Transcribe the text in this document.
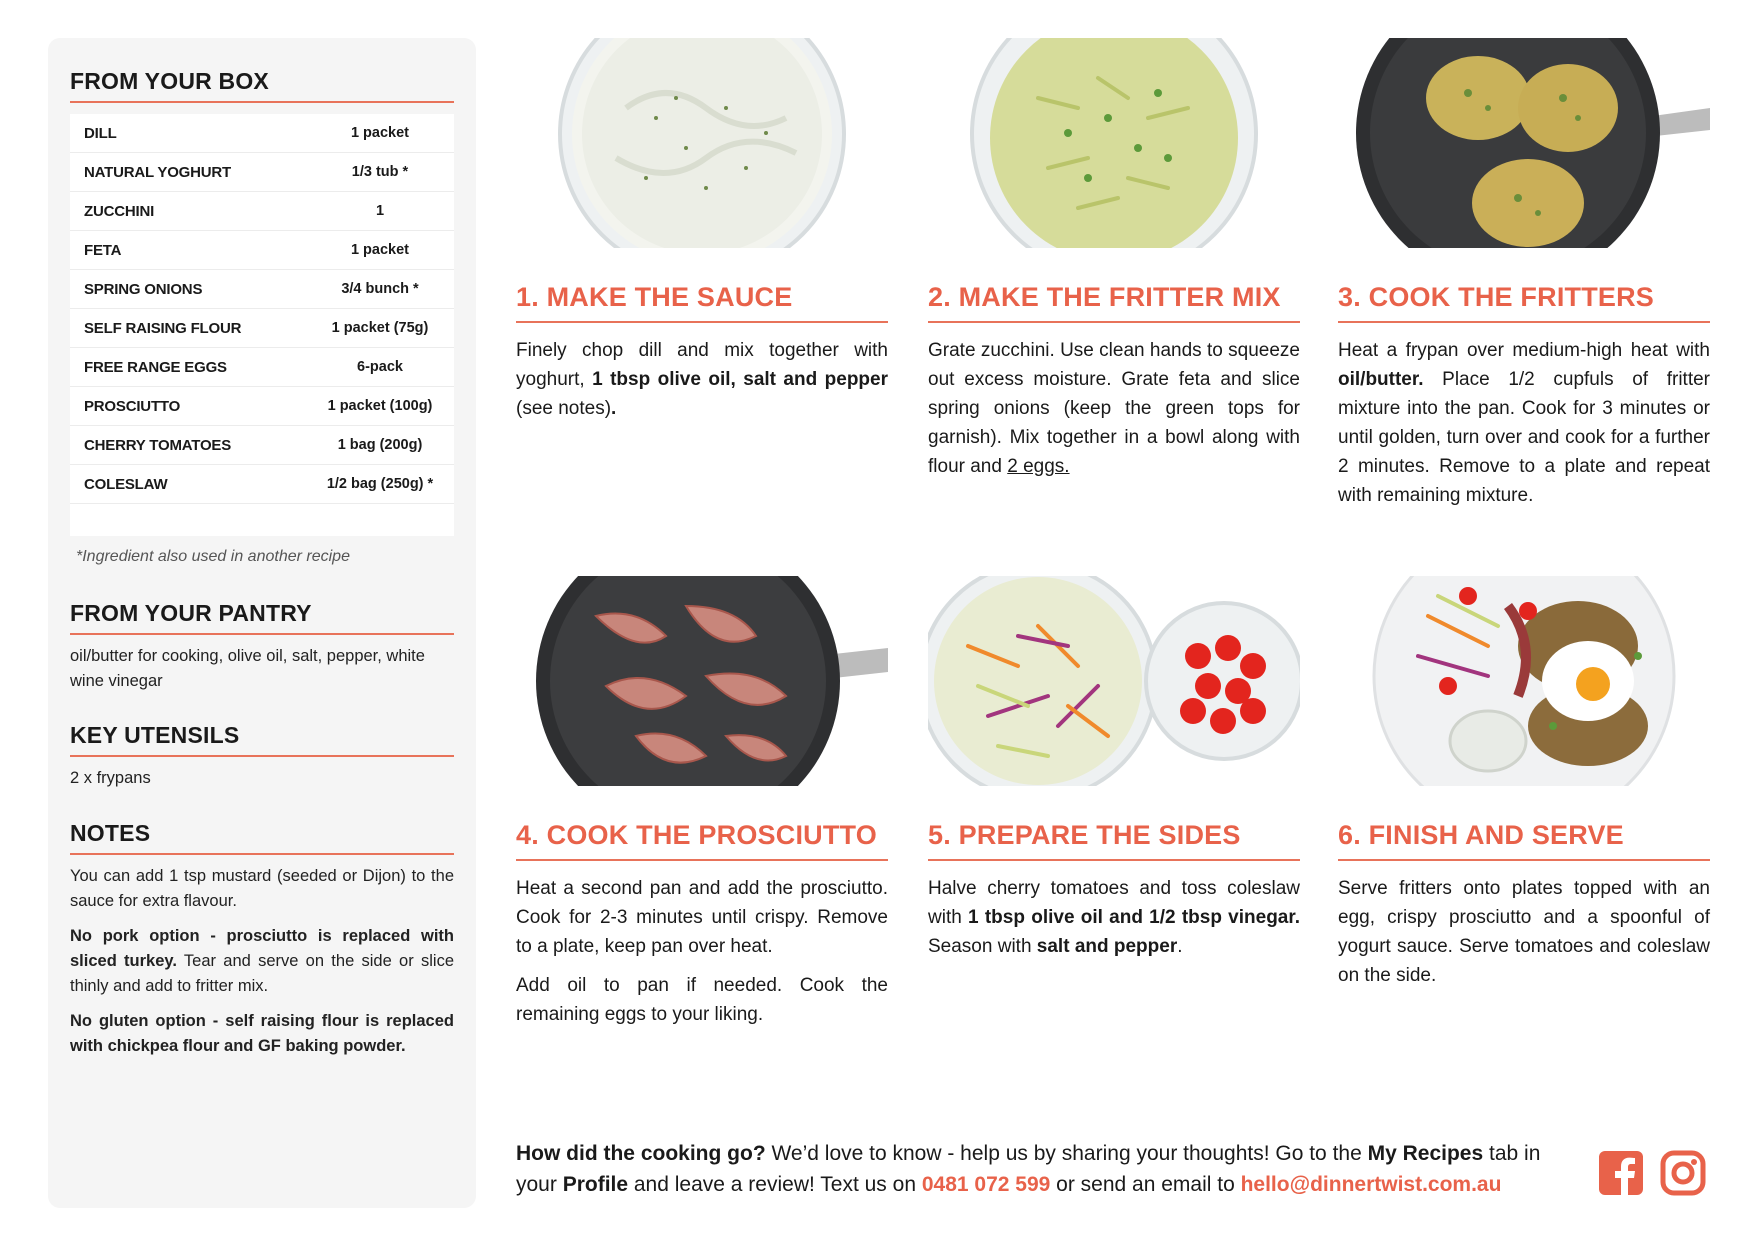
FROM YOUR BOX
DILL	1 packet
NATURAL YOGHURT	1/3 tub *
ZUCCHINI	1
FETA	1 packet
SPRING ONIONS	3/4 bunch *
SELF RAISING FLOUR	1 packet (75g)
FREE RANGE EGGS	6-pack
PROSCIUTTO	1 packet (100g)
CHERRY TOMATOES	1 bag (200g)
COLESLAW	1/2 bag (250g) *
*Ingredient also used in another recipe
FROM YOUR PANTRY

oil/butter for cooking, olive oil, salt, pepper, white wine vinegar

KEY UTENSILS

2 x frypans

NOTES

You can add 1 tsp mustard (seeded or Dijon) to the sauce for extra flavour.

No pork option - prosciutto is replaced with sliced turkey. Tear and serve on the side or slice thinly and add to fritter mix.

No gluten option - self raising flour is replaced with chickpea flour and GF baking powder.

1. MAKE THE SAUCE

Finely chop dill and mix together with yoghurt, 1 tbsp olive oil, salt and pepper (see notes).

2. MAKE THE FRITTER MIX

Grate zucchini. Use clean hands to squeeze out excess moisture. Grate feta and slice spring onions (keep the green tops for garnish). Mix together in a bowl along with flour and 2 eggs.

3. COOK THE FRITTERS

Heat a frypan over medium-high heat with oil/butter. Place 1/2 cupfuls of fritter mixture into the pan. Cook for 3 minutes or until golden, turn over and cook for a further 2 minutes. Remove to a plate and repeat with remaining mixture.

4. COOK THE PROSCIUTTO

Heat a second pan and add the prosciutto. Cook for 2-3 minutes until crispy. Remove to a plate, keep pan over heat.

Add oil to pan if needed. Cook the remaining eggs to your liking.

5. PREPARE THE SIDES

Halve cherry tomatoes and toss coleslaw with 1 tbsp olive oil and 1/2 tbsp vinegar. Season with salt and pepper.

6. FINISH AND SERVE

Serve fritters onto plates topped with an egg, crispy prosciutto and a spoonful of yogurt sauce. Serve tomatoes and coleslaw on the side.

How did the cooking go? We’d love to know - help us by sharing your thoughts! Go to the My Recipes tab in your Profile and leave a review! Text us on 0481 072 599 or send an email to hello@dinnertwist.com.au
